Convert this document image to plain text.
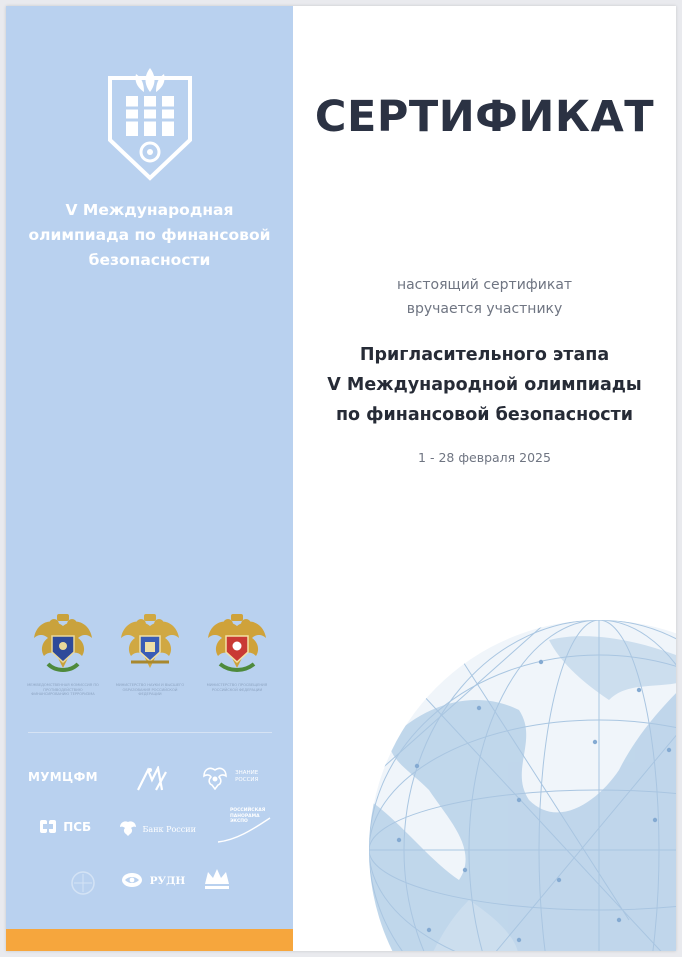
V Международная
олимпиада по финансовой
безопасности
МЕЖВЕДОМСТВЕННАЯ КОМИССИЯ ПО ПРОТИВОДЕЙСТВИЮ ФИНАНСИРОВАНИЮ ТЕРРОРИЗМА
МИНИСТЕРСТВО НАУКИ И ВЫСШЕГО ОБРАЗОВАНИЯ РОССИЙСКОЙ ФЕДЕРАЦИИ
МИНИСТЕРСТВО ПРОСВЕЩЕНИЯ РОССИЙСКОЙ ФЕДЕРАЦИИ
МУМЦФМ
	ЗНАНИЕ
РОССИЯ
ПСБ	Банк России
РОССИЙСКАЯ
ПАНОРАМА
ЭКСПО
РУДН
СЕРТИФИКАТ
настоящий сертификат
вручается участнику
Пригласительного этапа
V Международной олимпиады
по финансовой безопасности
1 - 28 февраля 2025
